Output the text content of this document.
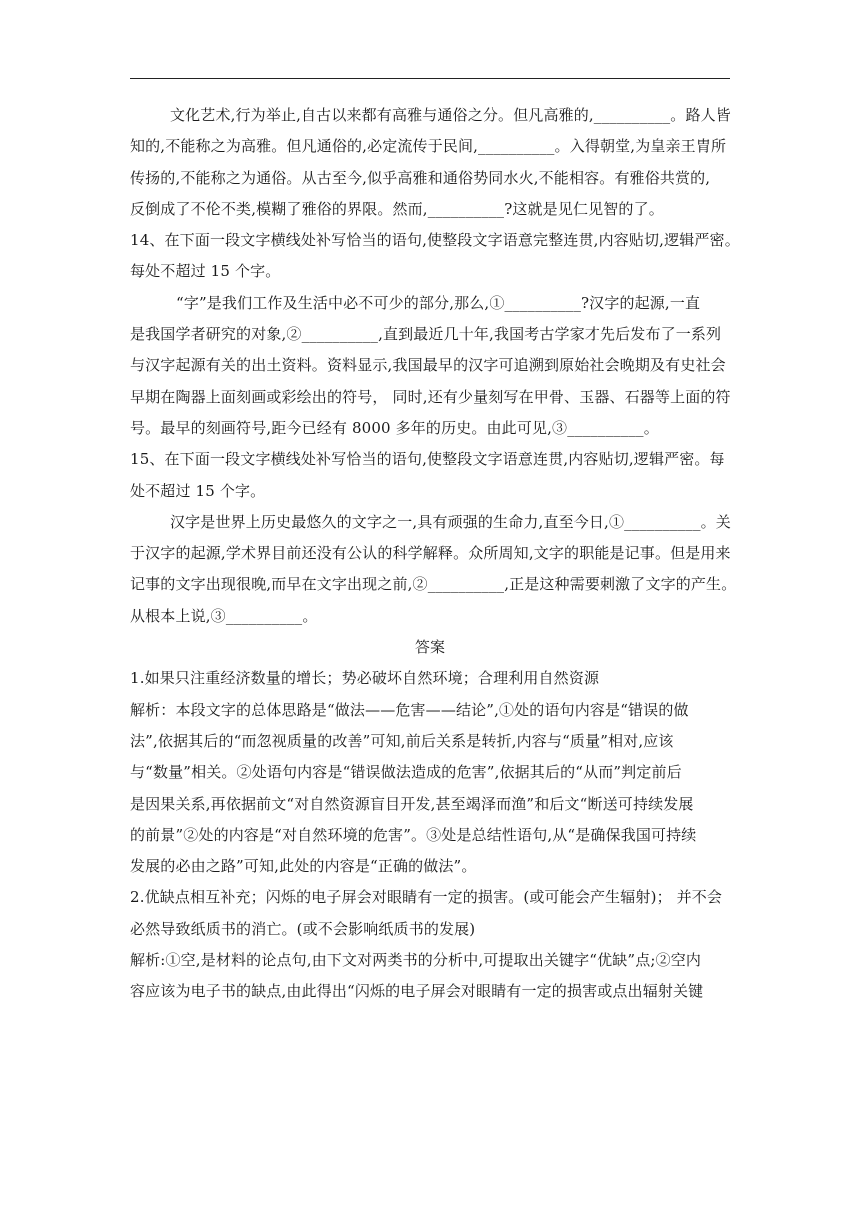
文化艺术,行为举止,自古以来都有高雅与通俗之分。但凡高雅的,__________。路人皆
知的,不能称之为高雅。但凡通俗的,必定流传于民间,__________。入得朝堂,为皇亲王胄所
传扬的,不能称之为通俗。从古至今,似乎高雅和通俗势同水火,不能相容。有雅俗共赏的,
反倒成了不伦不类,模糊了雅俗的界限。然而,__________?这就是见仁见智的了。
14、在下面一段文字横线处补写恰当的语句,使整段文字语意完整连贯,内容贴切,逻辑严密。
每处不超过 15 个字。
“字”是我们工作及生活中必不可少的部分,那么,①__________?汉字的起源,一直
是我国学者研究的对象,②__________,直到最近几十年,我国考古学家才先后发布了一系列
与汉字起源有关的出土资料。资料显示,我国最早的汉字可追溯到原始社会晚期及有史社会
早期在陶器上面刻画或彩绘出的符号， 同时,还有少量刻写在甲骨、玉器、石器等上面的符
号。最早的刻画符号,距今已经有 8000 多年的历史。由此可见,③__________。
15、在下面一段文字横线处补写恰当的语句,使整段文字语意连贯,内容贴切,逻辑严密。每
处不超过 15 个字。
汉字是世界上历史最悠久的文字之一,具有顽强的生命力,直至今日,①__________。关
于汉字的起源,学术界目前还没有公认的科学解释。众所周知,文字的职能是记事。但是用来
记事的文字出现很晚,而早在文字出现之前,②__________,正是这种需要刺激了文字的产生。
从根本上说,③__________。
答案
1.如果只注重经济数量的增长；势必破坏自然环境；合理利用自然资源
解析：本段文字的总体思路是“做法——危害——结论”,①处的语句内容是“错误的做
法”,依据其后的“而忽视质量的改善”可知,前后关系是转折,内容与“质量”相对,应该
与“数量”相关。②处语句内容是“错误做法造成的危害”,依据其后的“从而”判定前后
是因果关系,再依据前文“对自然资源盲目开发,甚至竭泽而渔”和后文“断送可持续发展
的前景”②处的内容是“对自然环境的危害”。③处是总结性语句,从“是确保我国可持续
发展的必由之路”可知,此处的内容是“正确的做法”。
2.优缺点相互补充；闪烁的电子屏会对眼睛有一定的损害。(或可能会产生辐射)； 并不会
必然导致纸质书的消亡。(或不会影响纸质书的发展)
解析:①空,是材料的论点句,由下文对两类书的分析中,可提取出关键字“优缺”点;②空内
容应该为电子书的缺点,由此得出“闪烁的电子屏会对眼睛有一定的损害或点出辐射关键
